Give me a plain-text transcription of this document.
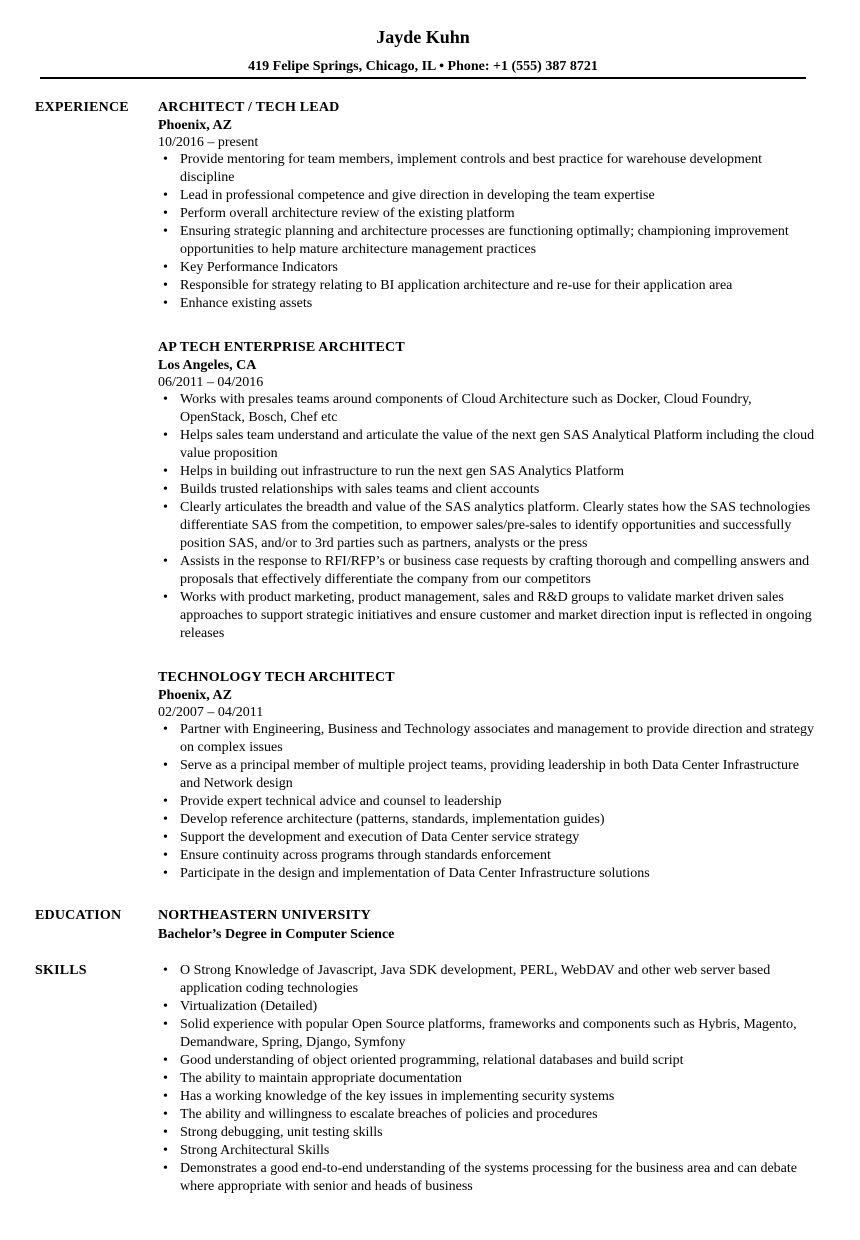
Jayde Kuhn
419 Felipe Springs, Chicago, IL • Phone: +1 (555) 387 8721
EXPERIENCE ARCHITECT / TECH LEAD
Phoenix, AZ
10/2016 – present
• Provide mentoring for team members, implement controls and best practice for warehouse development discipline
• Lead in professional competence and give direction in developing the team expertise
• Perform overall architecture review of the existing platform
• Ensuring strategic planning and architecture processes are functioning optimally; championing improvement opportunities to help mature architecture management practices
• Key Performance Indicators
• Responsible for strategy relating to BI application architecture and re-use for their application area
• Enhance existing assets
AP TECH ENTERPRISE ARCHITECT
Los Angeles, CA
06/2011 – 04/2016
• Works with presales teams around components of Cloud Architecture such as Docker, Cloud Foundry, OpenStack, Bosch, Chef etc
• Helps sales team understand and articulate the value of the next gen SAS Analytical Platform including the cloud value proposition
• Helps in building out infrastructure to run the next gen SAS Analytics Platform
• Builds trusted relationships with sales teams and client accounts
• Clearly articulates the breadth and value of the SAS analytics platform. Clearly states how the SAS technologies differentiate SAS from the competition, to empower sales/pre-sales to identify opportunities and successfully position SAS, and/or to 3rd parties such as partners, analysts or the press
• Assists in the response to RFI/RFP’s or business case requests by crafting thorough and compelling answers and proposals that effectively differentiate the company from our competitors
• Works with product marketing, product management, sales and R&D groups to validate market driven sales approaches to support strategic initiatives and ensure customer and market direction input is reflected in ongoing releases
TECHNOLOGY TECH ARCHITECT
Phoenix, AZ
02/2007 – 04/2011
• Partner with Engineering, Business and Technology associates and management to provide direction and strategy on complex issues
• Serve as a principal member of multiple project teams, providing leadership in both Data Center Infrastructure and Network design
• Provide expert technical advice and counsel to leadership
• Develop reference architecture (patterns, standards, implementation guides)
• Support the development and execution of Data Center service strategy
• Ensure continuity across programs through standards enforcement
• Participate in the design and implementation of Data Center Infrastructure solutions
EDUCATION	NORTHEASTERN UNIVERSITY
Bachelor’s Degree in Computer Science
SKILLS	• O Strong Knowledge of Javascript, Java SDK development, PERL, WebDAV and other web server based application coding technologies
• Virtualization (Detailed)
• Solid experience with popular Open Source platforms, frameworks and components such as Hybris, Magento, Demandware, Spring, Django, Symfony
• Good understanding of object oriented programming, relational databases and build script
• The ability to maintain appropriate documentation
• Has a working knowledge of the key issues in implementing security systems
• The ability and willingness to escalate breaches of policies and procedures
• Strong debugging, unit testing skills
• Strong Architectural Skills
• Demonstrates a good end-to-end understanding of the systems processing for the business area and can debate where appropriate with senior and heads of business
